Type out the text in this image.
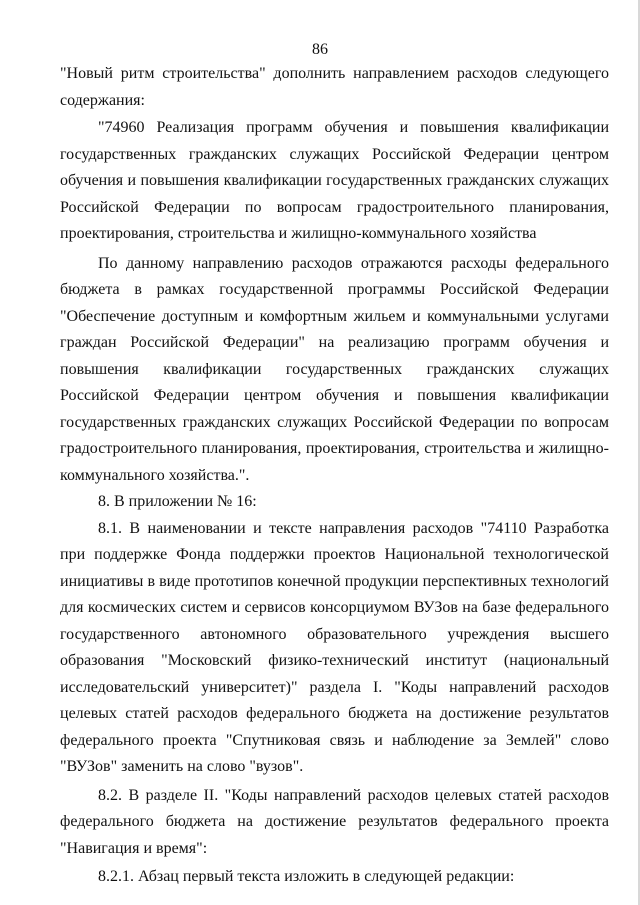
86

"Новый ритм строительства" дополнить направлением расходов следующего содержания:

"74960 Реализация программ обучения и повышения квалификации государственных гражданских служащих Российской Федерации центром обучения и повышения квалификации государственных гражданских служащих Российской Федерации по вопросам градостроительного планирования, проектирования, строительства и жилищно-коммунального хозяйства

По данному направлению расходов отражаются расходы федерального бюджета в рамках государственной программы Российской Федерации "Обеспечение доступным и комфортным жильем и коммунальными услугами граждан Российской Федерации" на реализацию программ обучения и повышения квалификации государственных гражданских служащих Российской Федерации центром обучения и повышения квалификации государственных гражданских служащих Российской Федерации по вопросам градостроительного планирования, проектирования, строительства и жилищно-коммунального хозяйства.".

8. В приложении № 16:

8.1. В наименовании и тексте направления расходов "74110 Разработка при поддержке Фонда поддержки проектов Национальной технологической инициативы в виде прототипов конечной продукции перспективных технологий для космических систем и сервисов консорциумом ВУЗов на базе федерального государственного автономного образовательного учреждения высшего образования "Московский физико-технический институт (национальный исследовательский университет)" раздела I. "Коды направлений расходов целевых статей расходов федерального бюджета на достижение результатов федерального проекта "Спутниковая связь и наблюдение за Землей" слово "ВУЗов" заменить на слово "вузов".

8.2. В разделе II. "Коды направлений расходов целевых статей расходов федерального бюджета на достижение результатов федерального проекта "Навигация и время":

8.2.1. Абзац первый текста изложить в следующей редакции:
